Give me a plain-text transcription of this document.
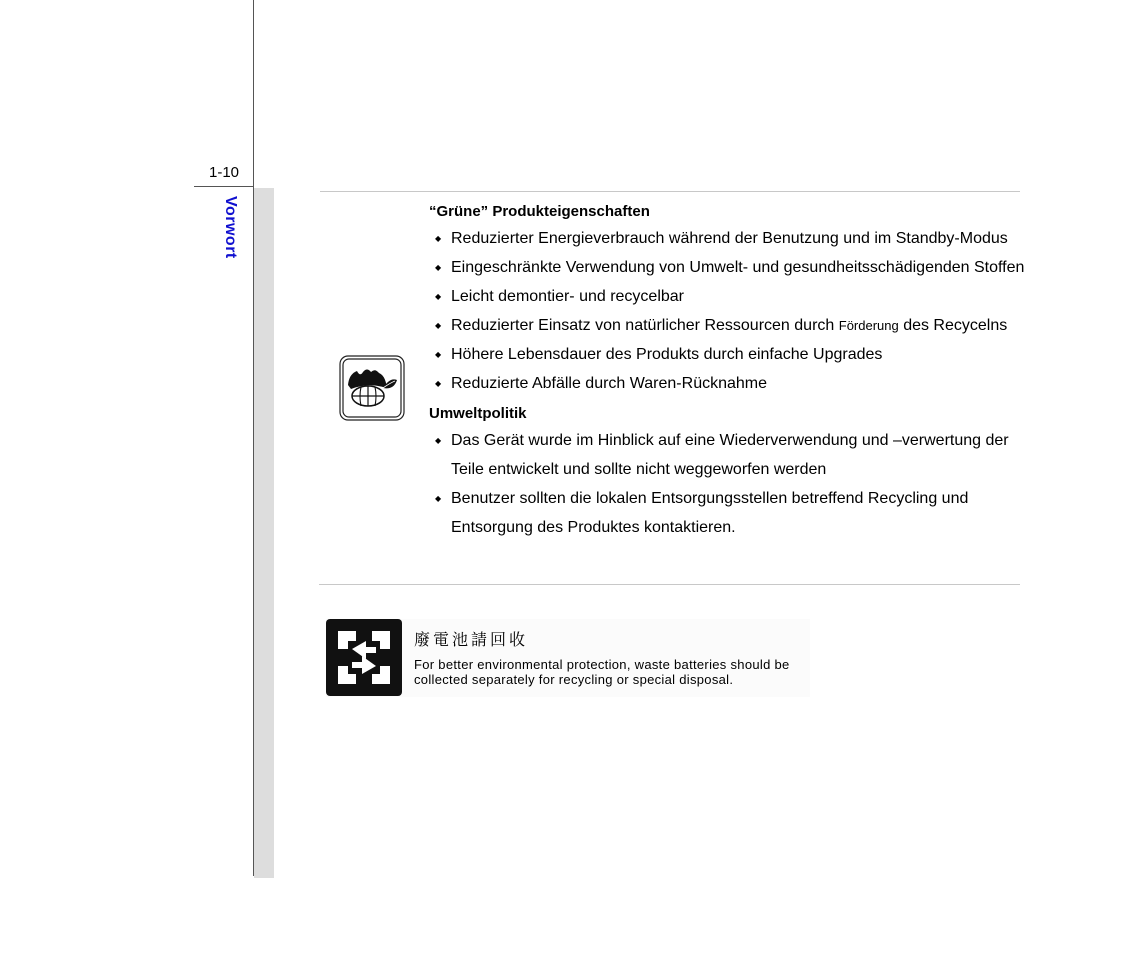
1-10
Vorwort	“Grüne” Produkteigenschaften
◆ Reduzierter Energieverbrauch während der Benutzung und im Standby-Modus
◆ Eingeschränkte Verwendung von Umwelt- und gesundheitsschädigenden Stoffen
◆ Leicht demontier- und recycelbar
◆ Reduzierter Einsatz von natürlicher Ressourcen durch Förderung des Recycelns
◆ Höhere Lebensdauer des Produkts durch einfache Upgrades
◆ Reduzierte Abfälle durch Waren-Rücknahme
Umweltpolitik
◆ Das Gerät wurde im Hinblick auf eine Wiederverwendung und –verwertung der Teile entwickelt und sollte nicht weggeworfen werden
◆ Benutzer sollten die lokalen Entsorgungsstellen betreffend Recycling und Entsorgung des Produktes kontaktieren.
廢電池請回收
For better environmental protection, waste batteries should be collected separately for recycling or special disposal.
